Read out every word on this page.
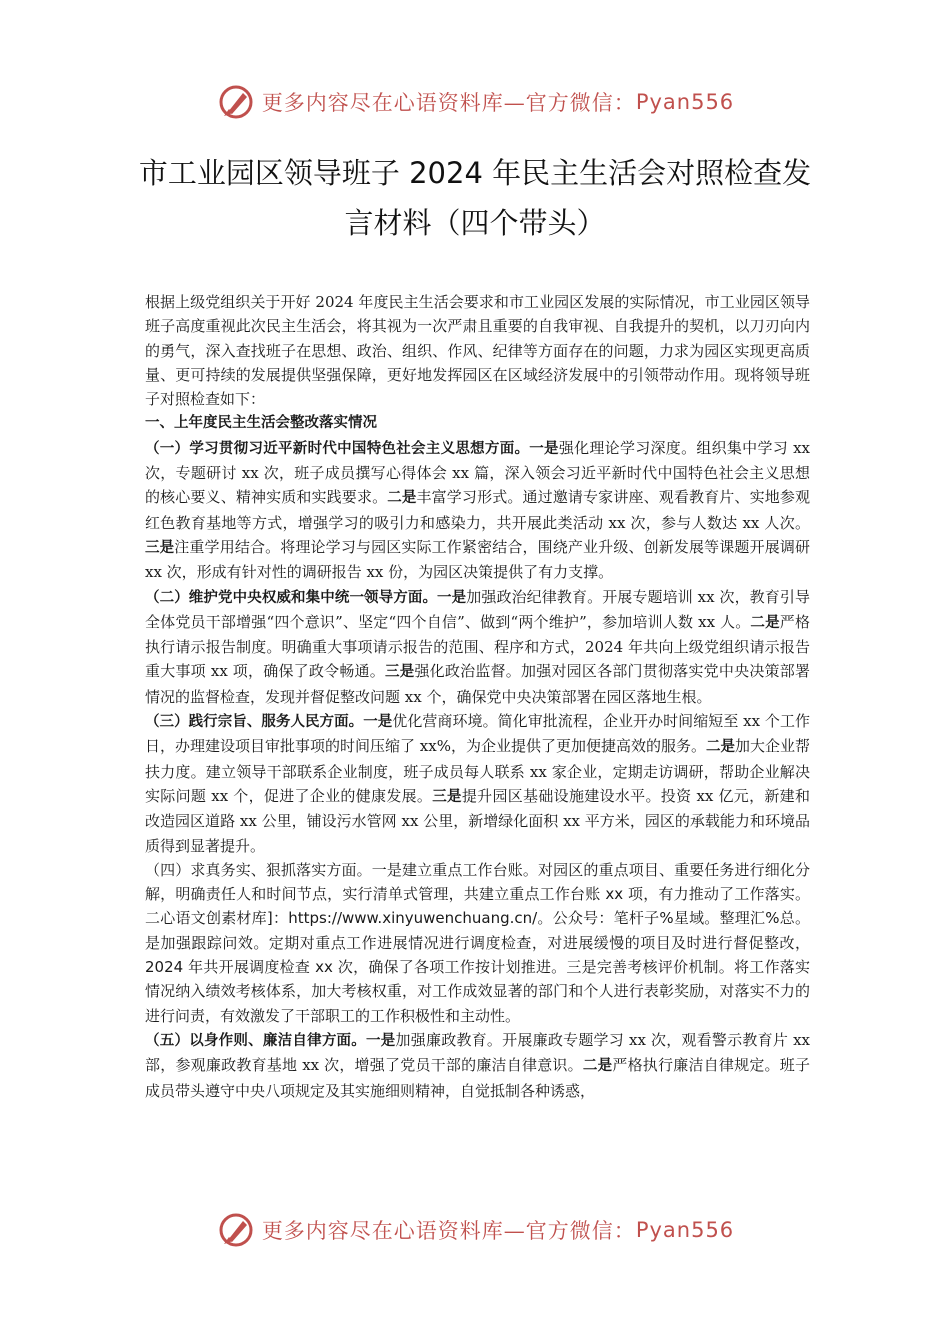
更多内容尽在心语资料库—官方微信： Pyan556
市工业园区领导班子 2024 年民主生活会对照检查发
言材料（四个带头）

根据上级党组织关于开好 2024 年度民主生活会要求和市工业园区发展的实际情况，市工业园区领导班子高度重视此次民主生活会，将其视为一次严肃且重要的自我审视、自我提升的契机，以刀刃向内的勇气，深入查找班子在思想、政治、组织、作风、纪律等方面存在的问题，力求为园区实现更高质量、更可持续的发展提供坚强保障，更好地发挥园区在区域经济发展中的引领带动作用。现将领导班子对照检查如下：

一、上年度民主生活会整改落实情况

（一）学习贯彻习近平新时代中国特色社会主义思想方面。一是强化理论学习深度。组织集中学习 xx 次，专题研讨 xx 次，班子成员撰写心得体会 xx 篇，深入领会习近平新时代中国特色社会主义思想的核心要义、精神实质和实践要求。二是丰富学习形式。通过邀请专家讲座、观看教育片、实地参观红色教育基地等方式，增强学习的吸引力和感染力，共开展此类活动 xx 次，参与人数达 xx 人次。三是注重学用结合。将理论学习与园区实际工作紧密结合，围绕产业升级、创新发展等课题开展调研 xx 次，形成有针对性的调研报告 xx 份，为园区决策提供了有力支撑。

（二）维护党中央权威和集中统一领导方面。一是加强政治纪律教育。开展专题培训 xx 次，教育引导全体党员干部增强“四个意识”、坚定“四个自信”、做到“两个维护”，参加培训人数 xx 人。二是严格执行请示报告制度。明确重大事项请示报告的范围、程序和方式，2024 年共向上级党组织请示报告重大事项 xx 项，确保了政令畅通。三是强化政治监督。加强对园区各部门贯彻落实党中央决策部署情况的监督检查，发现并督促整改问题 xx 个，确保党中央决策部署在园区落地生根。

（三）践行宗旨、服务人民方面。一是优化营商环境。简化审批流程，企业开办时间缩短至 xx 个工作日，办理建设项目审批事项的时间压缩了 xx%，为企业提供了更加便捷高效的服务。二是加大企业帮扶力度。建立领导干部联系企业制度，班子成员每人联系 xx 家企业，定期走访调研，帮助企业解决实际问题 xx 个，促进了企业的健康发展。三是提升园区基础设施建设水平。投资 xx 亿元，新建和改造园区道路 xx 公里，铺设污水管网 xx 公里，新增绿化面积 xx 平方米，园区的承载能力和环境品质得到显著提升。

（四）求真务实、狠抓落实方面。一是建立重点工作台账。对园区的重点项目、重要任务进行细化分解，明确责任人和时间节点，实行清单式管理，共建立重点工作台账 xx 项，有力推动了工作落实。二心语文创素材库]：https://www.xinyuwenchuang.cn/。公众号：笔杆子%星域。整理汇%总。是加强跟踪问效。定期对重点工作进展情况进行调度检查，对进展缓慢的项目及时进行督促整改，2024 年共开展调度检查 xx 次，确保了各项工作按计划推进。三是完善考核评价机制。将工作落实情况纳入绩效考核体系，加大考核权重，对工作成效显著的部门和个人进行表彰奖励，对落实不力的进行问责，有效激发了干部职工的工作积极性和主动性。

（五）以身作则、廉洁自律方面。一是加强廉政教育。开展廉政专题学习 xx 次，观看警示教育片 xx 部，参观廉政教育基地 xx 次，增强了党员干部的廉洁自律意识。二是严格执行廉洁自律规定。班子成员带头遵守中央八项规定及其实施细则精神，自觉抵制各种诱惑，

更多内容尽在心语资料库—官方微信： Pyan556
